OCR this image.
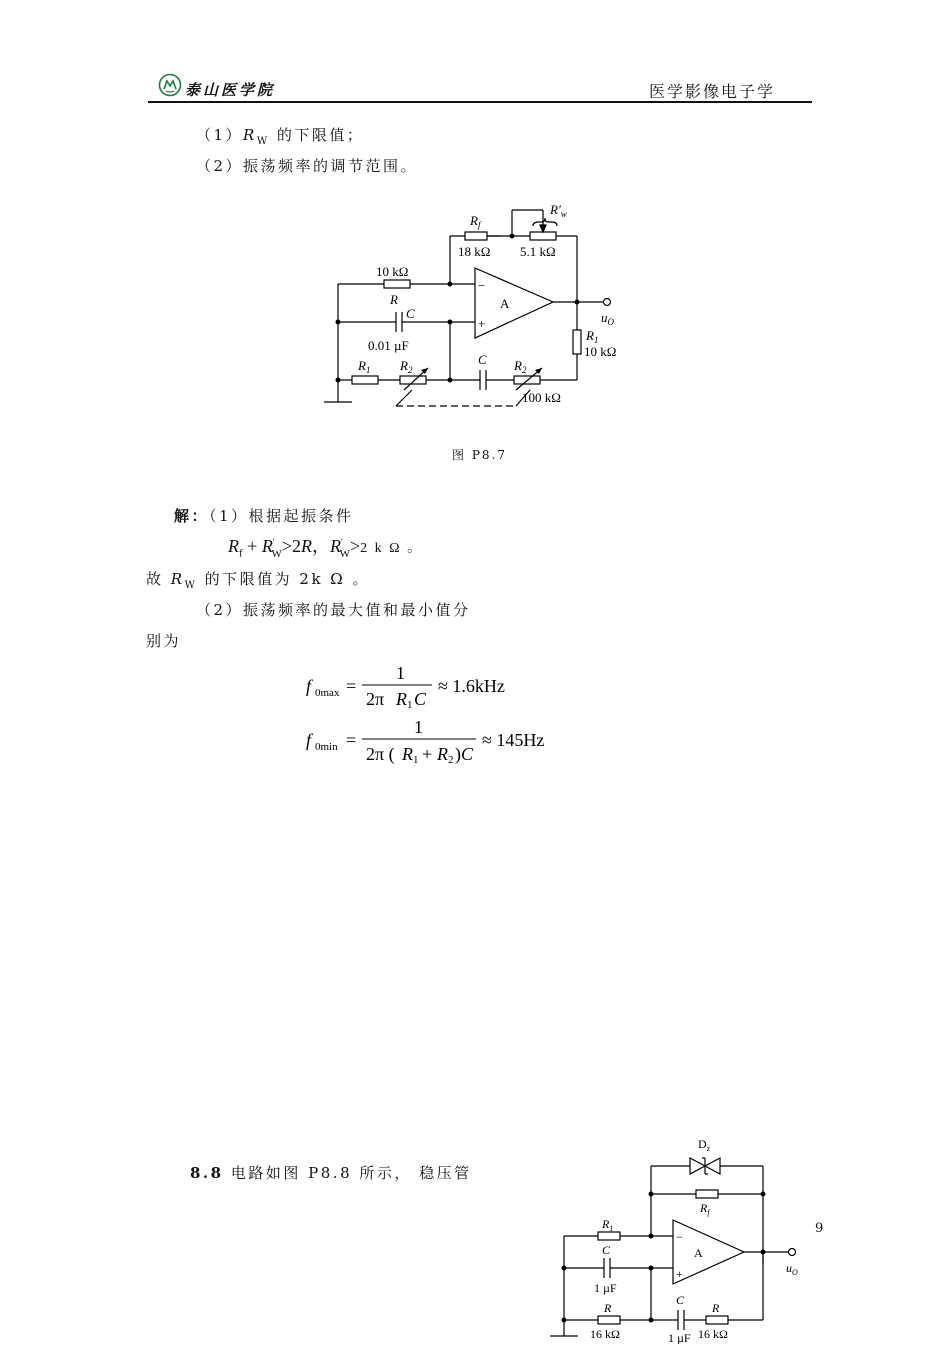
泰山医学院	医学影像电子学
$(1)R_W$ 的下限值；
（2）振荡频率的调节范围。
$R_f$
18 kΩ
$R'_w$
5.1 kΩ
10 kΩ
R
C
0.01 µF
A
−
+	$u_O$
$R_1$
10 kΩ
$R_1$ $R_2$
C $R_2$
100 kΩ
图 P8.7
解：（1）根据起振条件
$R_f + R'_W>2R$，$R'_W>2$ k Ω 。
故 $R_W$ 的下限值为 2k Ω 。
（2）振荡频率的最大值和最小值分
别为
f 0max =
1
2π R 1 C
≈ 1.6kHz
f 0min =
1
2π ( R 1 + R 2 ) C
≈ 145Hz
8.8 电路如图 P8.8 所示， 稳压管
9
$D_z$
$R_f$
$R_1$
C
1 µF
A
−
+	$u_O$
R
16 kΩ
C
1 µF
R
16 kΩ
